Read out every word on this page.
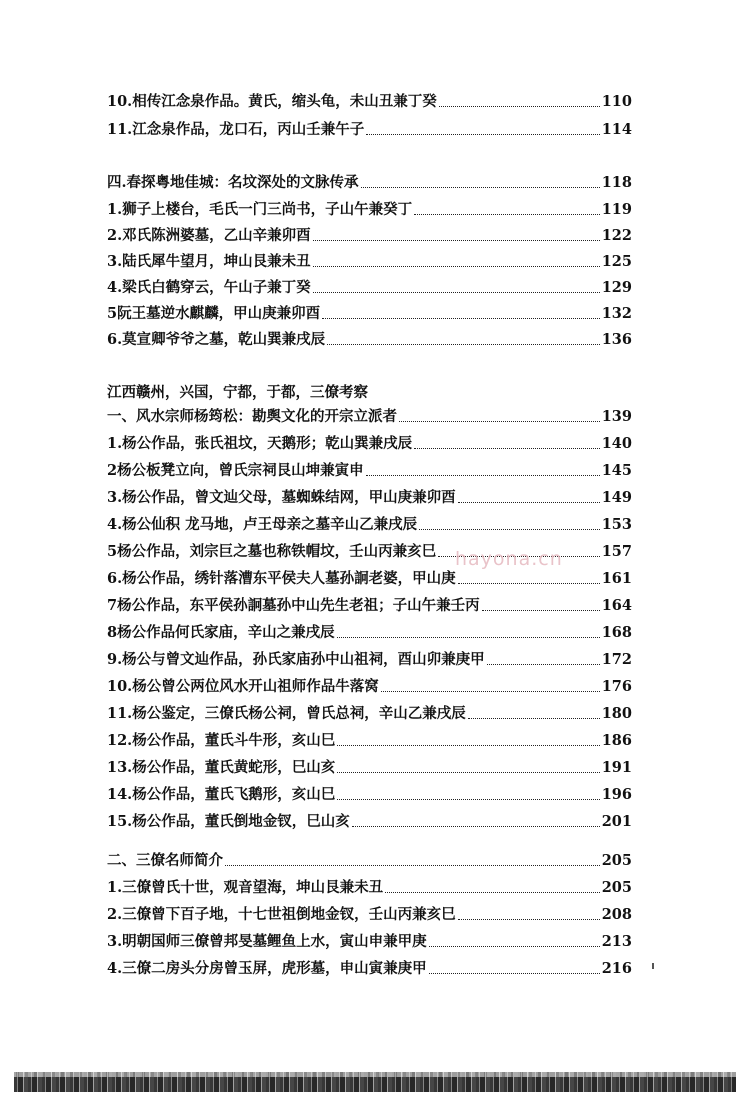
10.相传江念泉作品。黄氏，缩头龟，未山丑兼丁癸	110
11.江念泉作品，龙口石，丙山壬兼午子	114
四.春探粤地佳城：名坟深处的文脉传承	118
1.狮子上楼台，毛氏一门三尚书，子山午兼癸丁	119
2.邓氏陈洲婆墓，乙山辛兼卯酉	122
3.陆氏犀牛望月，坤山艮兼未丑	125
4.梁氏白鹤穿云，午山子兼丁癸	129
5阮王墓逆水麒麟，甲山庚兼卯酉	132
6.莫宣卿爷爷之墓，乾山巽兼戌辰	136
江西赣州，兴国，宁都，于都，三僚考察
一、风水宗师杨筠松：勘舆文化的开宗立派者	139
1.杨公作品，张氏祖坟，天鹅形；乾山巽兼戌辰	140
2杨公板凳立向，曾氏宗祠艮山坤兼寅申	145
3.杨公作品，曾文辿父母，墓蜘蛛结网，甲山庚兼卯酉	149
4.杨公仙积 龙马地，卢王母亲之墓辛山乙兼戌辰	153
5杨公作品，刘宗巨之墓也称铁帽坟，壬山丙兼亥巳	157
6.杨公作品，绣针落漕东平侯夫人墓孙詗老婆，甲山庚	161
7杨公作品，东平侯孙詗墓孙中山先生老祖；子山午兼壬丙	164
8杨公作品何氏家庙，辛山之兼戌辰	168
9.杨公与曾文辿作品，孙氏家庙孙中山祖祠，酉山卯兼庚甲	172
10.杨公曾公两位风水开山祖师作品牛落窝	176
11.杨公鉴定，三僚氏杨公祠，曾氏总祠，辛山乙兼戌辰	180
12.杨公作品，董氏斗牛形，亥山巳	186
13.杨公作品，董氏黄蛇形，巳山亥	191
14.杨公作品，董氏飞鹅形，亥山巳	196
15.杨公作品，董氏倒地金钗，巳山亥	201
二、三僚名师简介	205
1.三僚曾氏十世，观音望海，坤山艮兼未丑	205
2.三僚曾下百子地，十七世祖倒地金钗，壬山丙兼亥巳	208
3.明朝国师三僚曾邦旻墓鲤鱼上水，寅山申兼甲庚	213
4.三僚二房头分房曾玉屏，虎形墓，申山寅兼庚甲	216
hayona.cn
